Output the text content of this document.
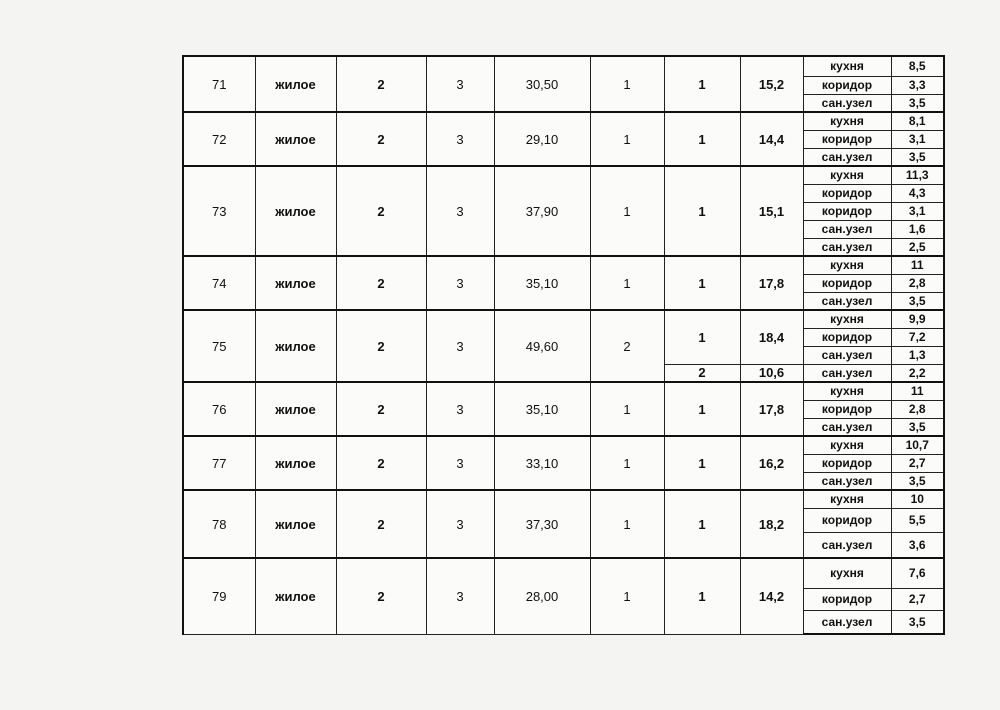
71	жилое	2	3	30,50	1	1	15,2	кухня	8,5
								коридор	3,3
								сан.узел	3,5
72	жилое	2	3	29,10	1	1	14,4	кухня	8,1
								коридор	3,1
								сан.узел	3,5
73	жилое	2	3	37,90	1	1	15,1	кухня	11,3
								коридор	4,3
								коридор	3,1
								сан.узел	1,6
								сан.узел	2,5
74	жилое	2	3	35,10	1	1	17,8	кухня	11
								коридор	2,8
								сан.узел	3,5
75	жилое	2	3	49,60	2	1	18,4	кухня	9,9
								коридор	7,2
								сан.узел	1,3
						2	10,6	сан.узел	2,2
76	жилое	2	3	35,10	1	1	17,8	кухня	11
								коридор	2,8
								сан.узел	3,5
77	жилое	2	3	33,10	1	1	16,2	кухня	10,7
								коридор	2,7
								сан.узел	3,5
78	жилое	2	3	37,30	1	1	18,2	кухня	10
								коридор	5,5
								сан.узел	3,6
79	жилое	2	3	28,00	1	1	14,2	кухня	7,6
								коридор	2,7
								сан.узел	3,5
